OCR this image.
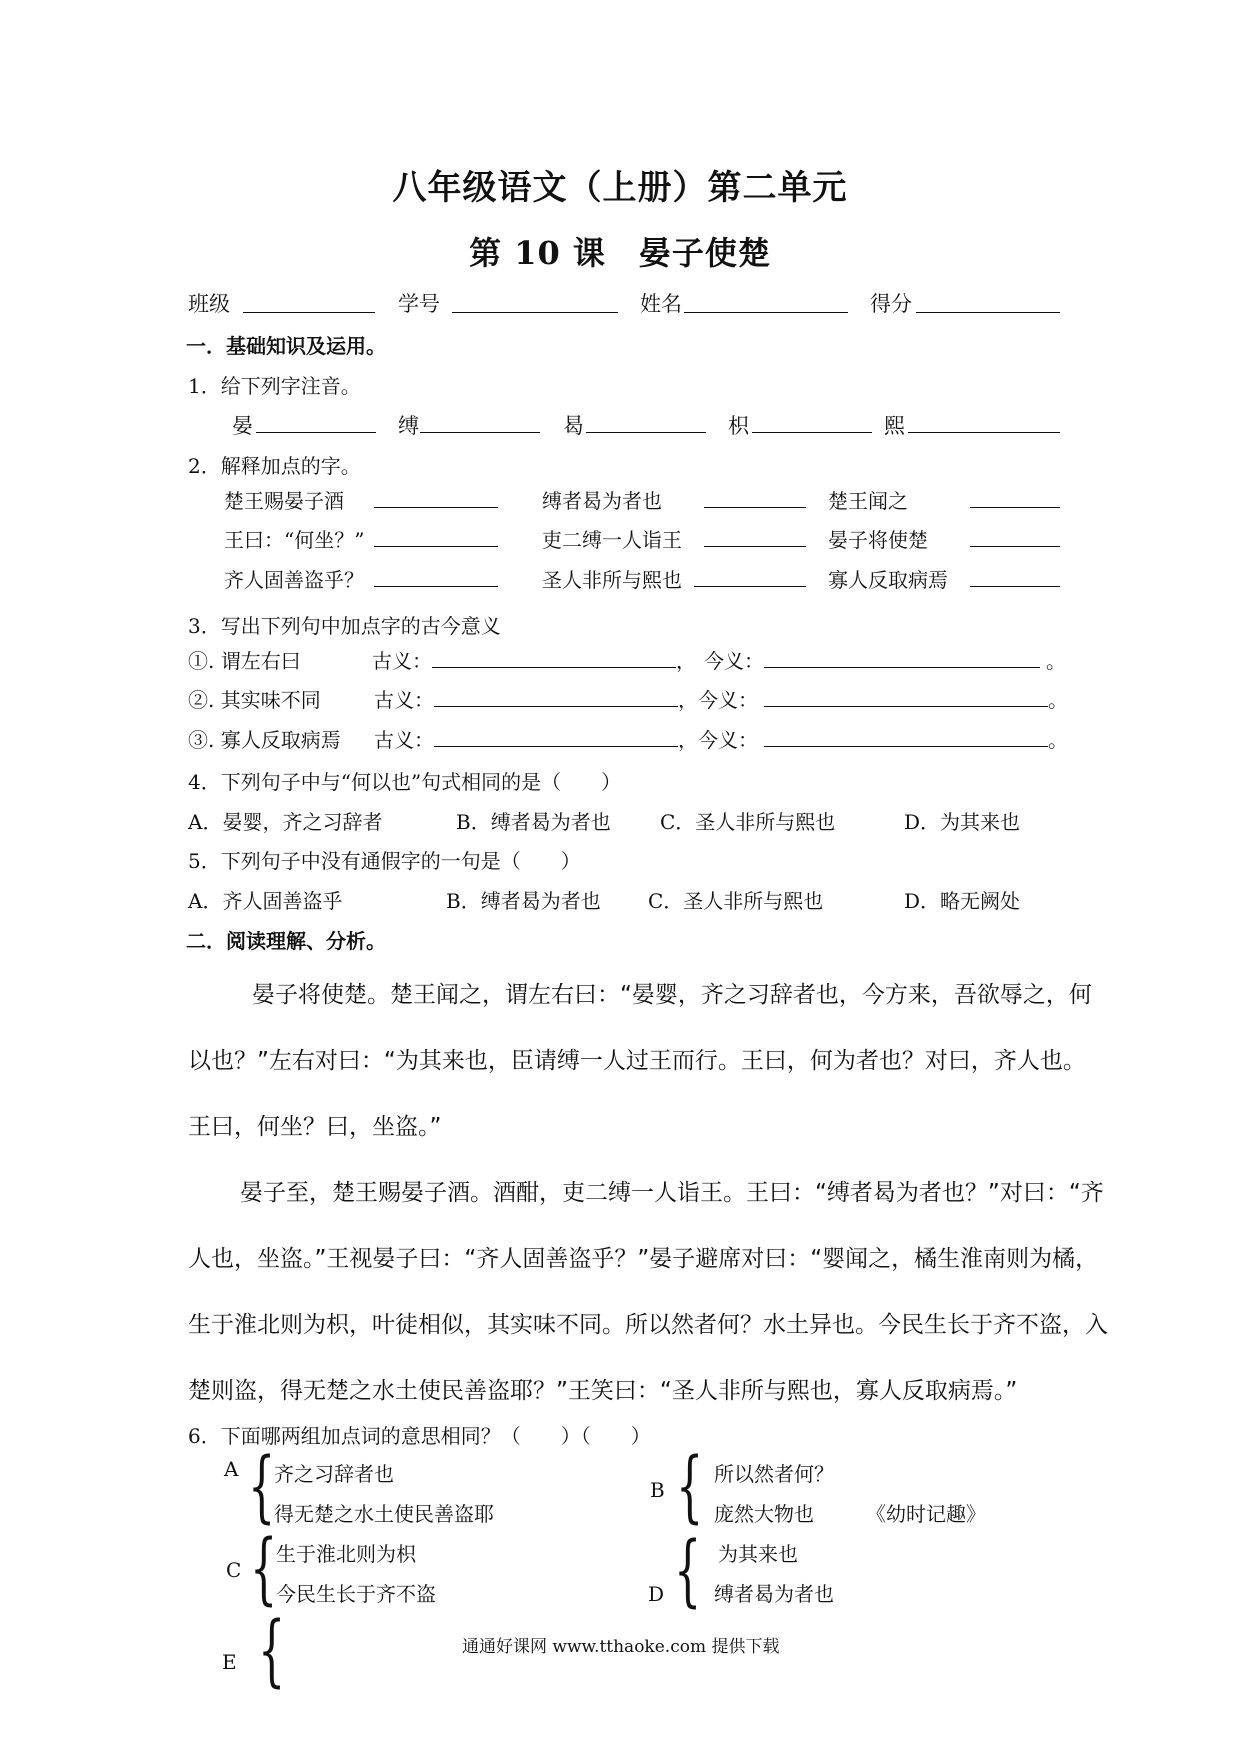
八年级语文（上册）第二单元
第 10 课　晏子使楚
班级	学号	姓名	得分
一．基础知识及运用。
1．给下列字注音。
晏	缚	曷	枳	熙
2．解释加点的字。
楚王赐晏子酒	缚者曷为者也	楚王闻之
王曰：“何坐？”	吏二缚一人诣王	晏子将使楚
齐人固善盗乎？	圣人非所与熙也	寡人反取病焉
3．写出下列句中加点字的古今意义
①. 谓左右曰	古义：	， 今义：	。
②. 其实味不同	古义：	， 今义：	。
③. 寡人反取病焉 古义：	， 今义：	。
4．下列句子中与“何以也”句式相同的是（　　）
A．晏婴，齐之习辞者	B．缚者曷为者也 C．圣人非所与熙也	D．为其来也
5．下列句子中没有通假字的一句是（　　）
A．齐人固善盗乎	B．缚者曷为者也 C．圣人非所与熙也	D．略无阙处
二．阅读理解、分析。
晏子将使楚。楚王闻之，谓左右曰：“晏婴，齐之习辞者也，今方来，吾欲辱之，何
以也？”左右对曰：“为其来也，臣请缚一人过王而行。王曰，何为者也？对曰，齐人也。
王曰，何坐？曰，坐盗。”
晏子至，楚王赐晏子酒。酒酣，吏二缚一人诣王。王曰：“缚者曷为者也？”对曰：“齐
人也，坐盗。”王视晏子曰：“齐人固善盗乎？”晏子避席对曰：“婴闻之，橘生淮南则为橘，
生于淮北则为枳，叶徒相似，其实味不同。所以然者何？水土异也。今民生长于齐不盗，入
楚则盗，得无楚之水土使民善盗耶？”王笑曰：“圣人非所与熙也，寡人反取病焉。”
6．下面哪两组加点词的意思相同？（　　）（　　）
A {
齐之习辞者也
得无楚之水土使民善盗耶
B { 所以然者何？
庞然大物也	《幼时记趣》
C {
生于淮北则为枳
今民生长于齐不盗	D { 为其来也
缚者曷为者也
E {	通通好课网 www.tthaoke.com 提供下载
